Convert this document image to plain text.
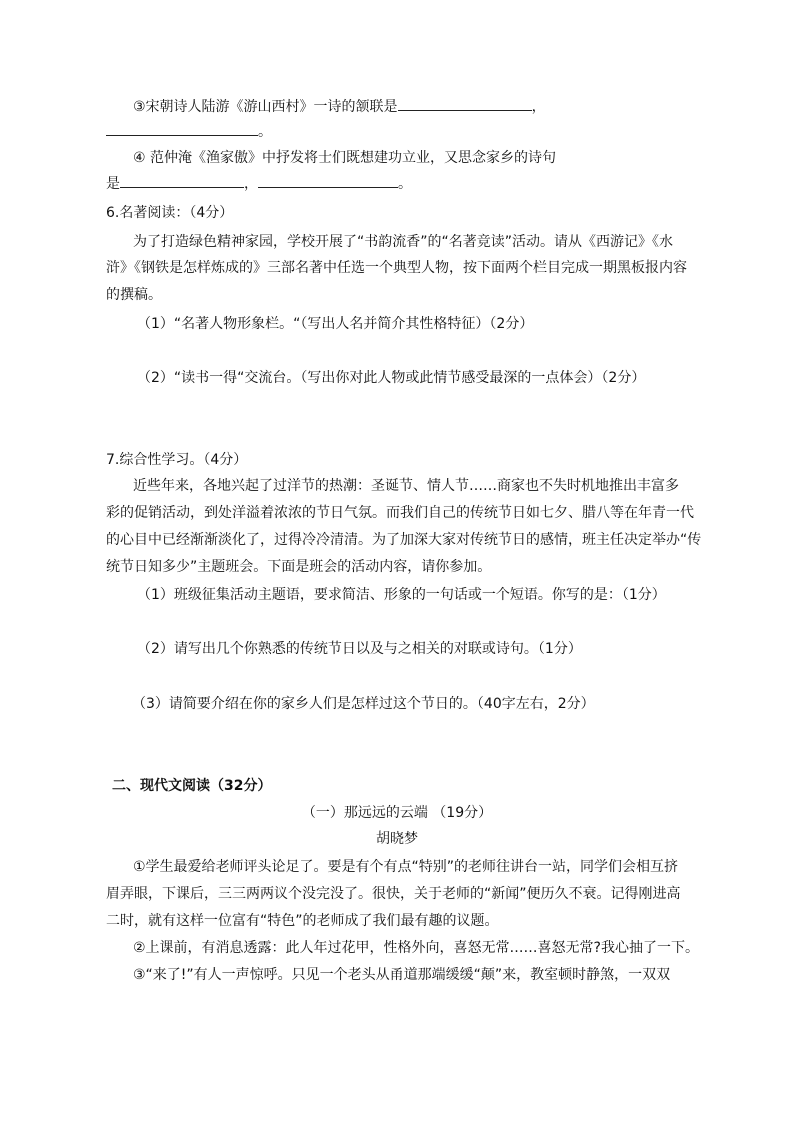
③宋朝诗人陆游《游山西村》一诗的颔联是	，
。
④ 范仲淹《渔家傲》中抒发将士们既想建功立业，又思念家乡的诗句
是	，	。
6.名著阅读：（4分）
为了打造绿色精神家园，学校开展了“书韵流香”的“名著竞读”活动。请从《西游记》《水
浒》《钢铁是怎样炼成的》三部名著中任选一个典型人物，按下面两个栏目完成一期黑板报内容
的撰稿。
（1）“名著人物形象栏。“（写出人名并简介其性格特征）（2分）
（2）“读书一得“交流台。（写出你对此人物或此情节感受最深的一点体会）（2分）
7.综合性学习。（4分）
近些年来，各地兴起了过洋节的热潮：圣诞节、情人节……商家也不失时机地推出丰富多
彩的促销活动，到处洋溢着浓浓的节日气氛。而我们自己的传统节日如七夕、腊八等在年青一代
的心目中已经渐渐淡化了，过得冷冷清清。为了加深大家对传统节日的感情，班主任决定举办“传
统节日知多少”主题班会。下面是班会的活动内容，请你参加。
（1）班级征集活动主题语，要求简洁、形象的一句话或一个短语。你写的是：（1分）
（2）请写出几个你熟悉的传统节日以及与之相关的对联或诗句。（1分）
（3）请简要介绍在你的家乡人们是怎样过这个节日的。（40字左右，2分）
二、现代文阅读（32分）
（一）那远远的云端 （19分）
胡晓梦
①学生最爱给老师评头论足了。要是有个有点“特别”的老师往讲台一站，同学们会相互挤
眉弄眼，下课后，三三两两议个没完没了。很快，关于老师的“新闻”便历久不衰。记得刚进高
二时，就有这样一位富有“特色”的老师成了我们最有趣的议题。
②上课前，有消息透露：此人年过花甲，性格外向，喜怒无常……喜怒无常?我心抽了一下。
③“来了!”有人一声惊呼。只见一个老头从甬道那端缓缓“颠”来，教室顿时静煞，一双双
